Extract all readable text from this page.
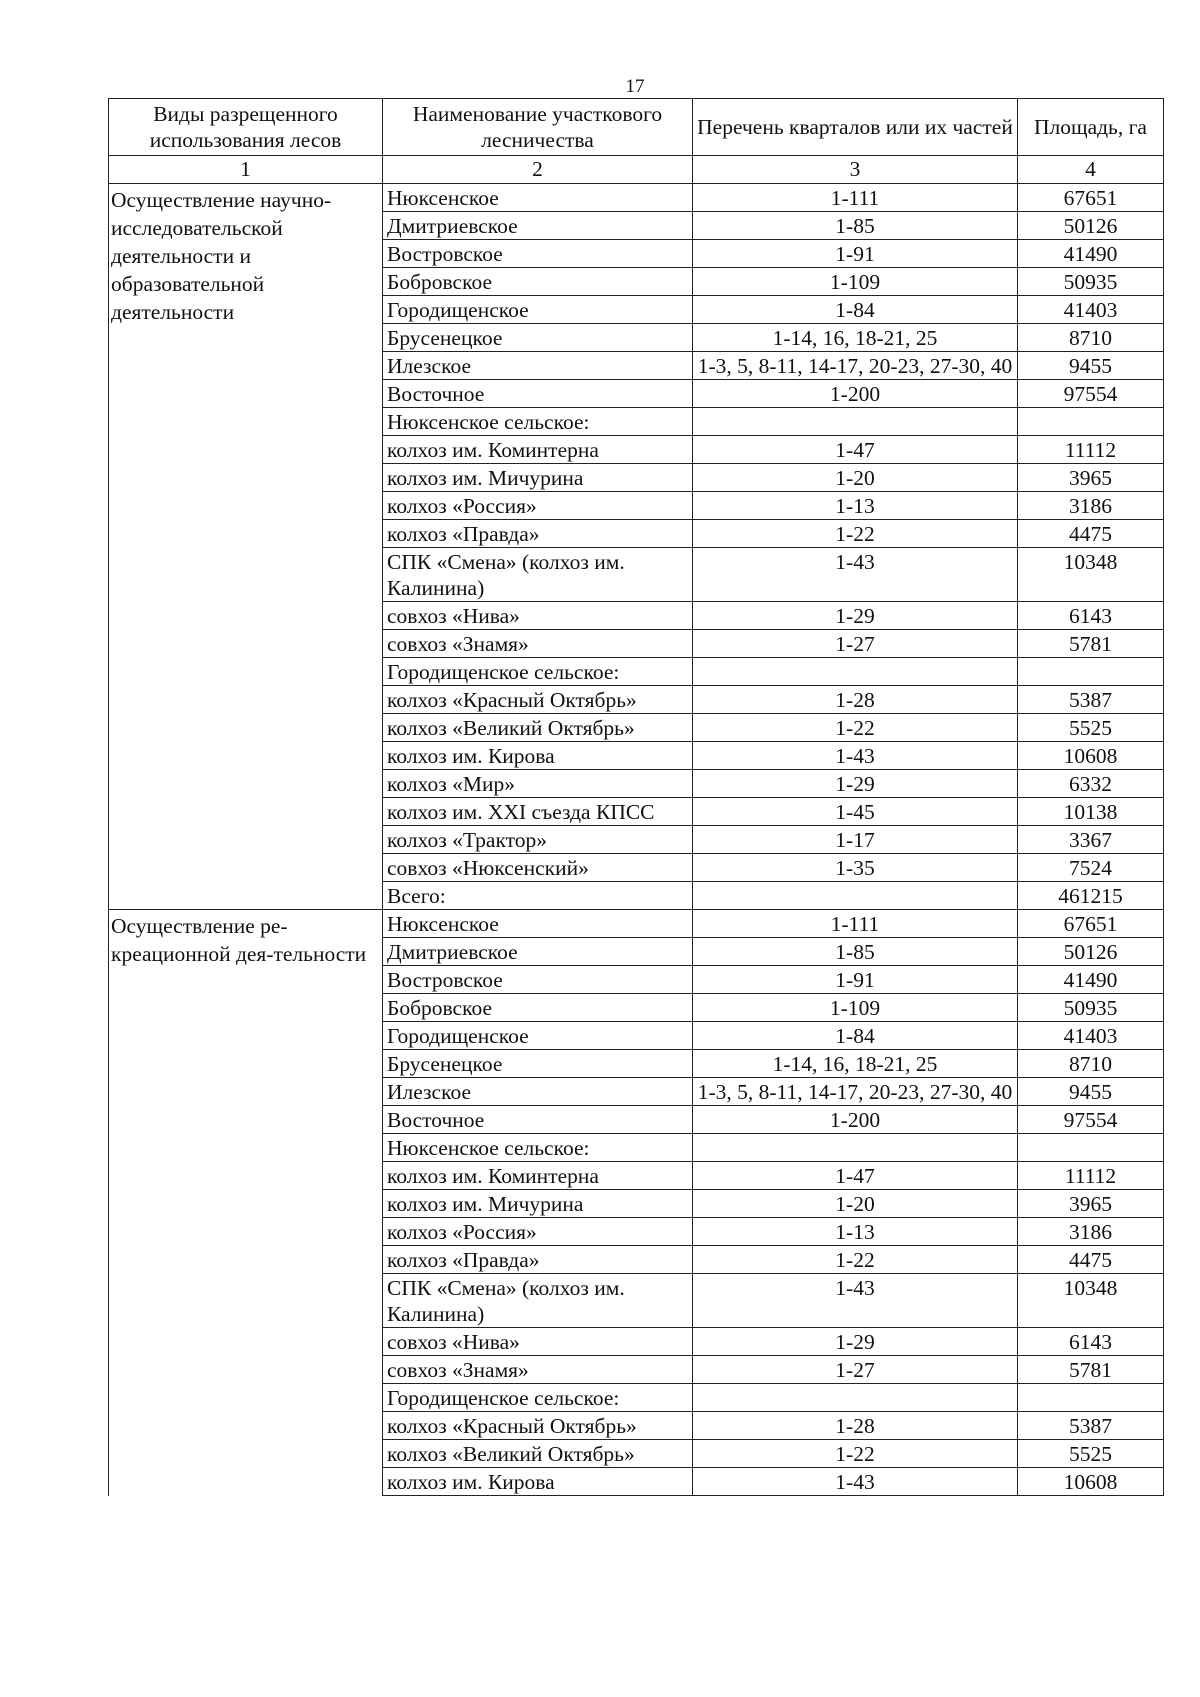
17
Виды разрещенного использования лесов	Наименование участкового лесничества	Перечень кварталов или их частей	Площадь, га
1	2	3	4
Осуществление научно-исследовательской деятельности и образовательной деятельности	Нюксенское	1-111	67651
	Дмитриевское	1-85	50126
	Востровское	1-91	41490
	Бобровское	1-109	50935
	Городищенское	1-84	41403
	Брусенецкое	1-14, 16, 18-21, 25	8710
	Илезское	1-3, 5, 8-11, 14-17, 20-23, 27-30, 40	9455
	Восточное	1-200	97554
	Нюксенское сельское:		
	колхоз им. Коминтерна	1-47	11112
	колхоз им. Мичурина	1-20	3965
	колхоз «Россия»	1-13	3186
	колхоз «Правда»	1-22	4475
	СПК «Смена» (колхоз им. Калинина)	1-43	10348
	совхоз «Нива»	1-29	6143
	совхоз «Знамя»	1-27	5781
	Городищенское сельское:		
	колхоз «Красный Октябрь»	1-28	5387
	колхоз «Великий Октябрь»	1-22	5525
	колхоз им. Кирова	1-43	10608
	колхоз «Мир»	1-29	6332
	колхоз им. XXI съезда КПСС	1-45	10138
	колхоз «Трактор»	1-17	3367
	совхоз «Нюксенский»	1-35	7524
	Всего:		461215
Осуществление ре-креационной дея-тельности	Нюксенское	1-111	67651
	Дмитриевское	1-85	50126
	Востровское	1-91	41490
	Бобровское	1-109	50935
	Городищенское	1-84	41403
	Брусенецкое	1-14, 16, 18-21, 25	8710
	Илезское	1-3, 5, 8-11, 14-17, 20-23, 27-30, 40	9455
	Восточное	1-200	97554
	Нюксенское сельское:		
	колхоз им. Коминтерна	1-47	11112
	колхоз им. Мичурина	1-20	3965
	колхоз «Россия»	1-13	3186
	колхоз «Правда»	1-22	4475
	СПК «Смена» (колхоз им. Калинина)	1-43	10348
	совхоз «Нива»	1-29	6143
	совхоз «Знамя»	1-27	5781
	Городищенское сельское:		
	колхоз «Красный Октябрь»	1-28	5387
	колхоз «Великий Октябрь»	1-22	5525
	колхоз им. Кирова	1-43	10608
